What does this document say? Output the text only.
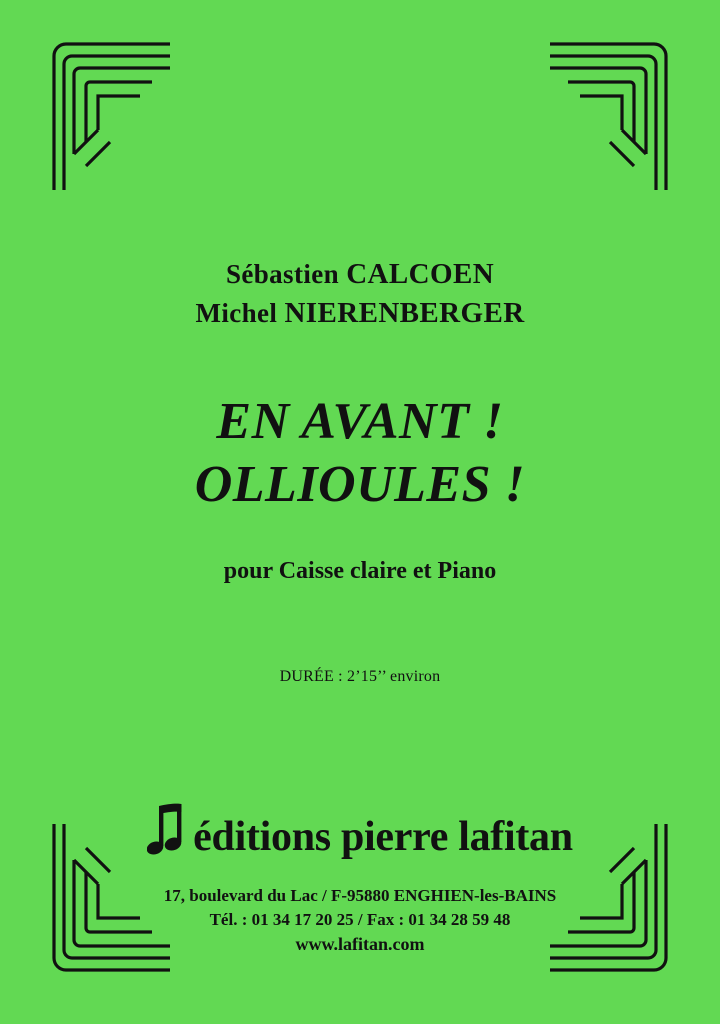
Sébastien CALCOEN
Michel NIERENBERGER
EN AVANT !
OLLIOULES !
pour Caisse claire et Piano
DURÉE : 2’15’’ environ
éditions pierre lafitan
17, boulevard du Lac / F-95880 ENGHIEN-les-BAINS
Tél. : 01 34 17 20 25 / Fax : 01 34 28 59 48
www.lafitan.com
